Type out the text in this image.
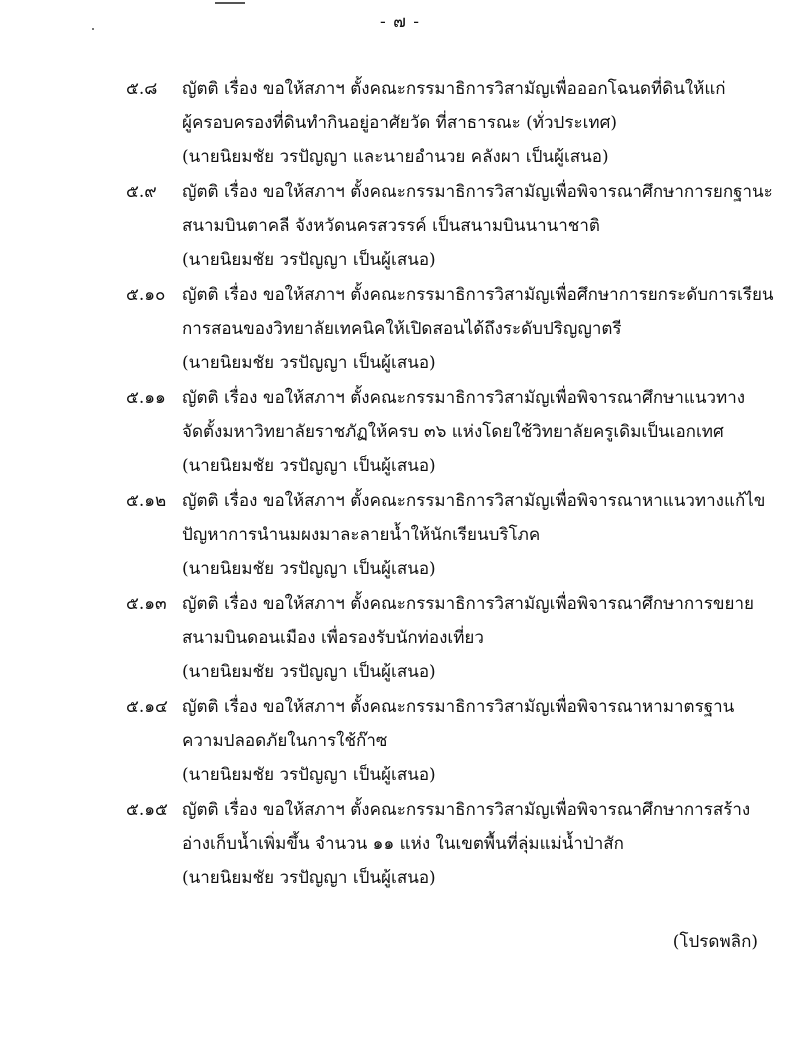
- ๗ -
๕.๘	ญัตติ เรื่อง ขอให้สภาฯ ตั้งคณะกรรมาธิการวิสามัญเพื่อออกโฉนดที่ดินให้แก่
ผู้ครอบครองที่ดินทำกินอยู่อาศัยวัด ที่สาธารณะ (ทั่วประเทศ)
(นายนิยมชัย วรปัญญา และนายอำนวย คลังผา เป็นผู้เสนอ)
๕.๙	ญัตติ เรื่อง ขอให้สภาฯ ตั้งคณะกรรมาธิการวิสามัญเพื่อพิจารณาศึกษาการยกฐานะ
สนามบินตาคลี จังหวัดนครสวรรค์ เป็นสนามบินนานาชาติ
(นายนิยมชัย วรปัญญา เป็นผู้เสนอ)
๕.๑๐ ญัตติ เรื่อง ขอให้สภาฯ ตั้งคณะกรรมาธิการวิสามัญเพื่อศึกษาการยกระดับการเรียน
การสอนของวิทยาลัยเทคนิคให้เปิดสอนได้ถึงระดับปริญญาตรี
(นายนิยมชัย วรปัญญา เป็นผู้เสนอ)
๕.๑๑ ญัตติ เรื่อง ขอให้สภาฯ ตั้งคณะกรรมาธิการวิสามัญเพื่อพิจารณาศึกษาแนวทาง
จัดตั้งมหาวิทยาลัยราชภัฏให้ครบ ๓๖ แห่งโดยใช้วิทยาลัยครูเดิมเป็นเอกเทศ
(นายนิยมชัย วรปัญญา เป็นผู้เสนอ)
๕.๑๒ ญัตติ เรื่อง ขอให้สภาฯ ตั้งคณะกรรมาธิการวิสามัญเพื่อพิจารณาหาแนวทางแก้ไข
ปัญหาการนำนมผงมาละลายน้ำให้นักเรียนบริโภค
(นายนิยมชัย วรปัญญา เป็นผู้เสนอ)
๕.๑๓ ญัตติ เรื่อง ขอให้สภาฯ ตั้งคณะกรรมาธิการวิสามัญเพื่อพิจารณาศึกษาการขยาย
สนามบินดอนเมือง เพื่อรองรับนักท่องเที่ยว
(นายนิยมชัย วรปัญญา เป็นผู้เสนอ)
๕.๑๔ ญัตติ เรื่อง ขอให้สภาฯ ตั้งคณะกรรมาธิการวิสามัญเพื่อพิจารณาหามาตรฐาน
ความปลอดภัยในการใช้ก๊าซ
(นายนิยมชัย วรปัญญา เป็นผู้เสนอ)
๕.๑๕ ญัตติ เรื่อง ขอให้สภาฯ ตั้งคณะกรรมาธิการวิสามัญเพื่อพิจารณาศึกษาการสร้าง
อ่างเก็บน้ำเพิ่มขึ้น จำนวน ๑๑ แห่ง ในเขตพื้นที่ลุ่มแม่น้ำป่าสัก
(นายนิยมชัย วรปัญญา เป็นผู้เสนอ)
(โปรดพลิก)
